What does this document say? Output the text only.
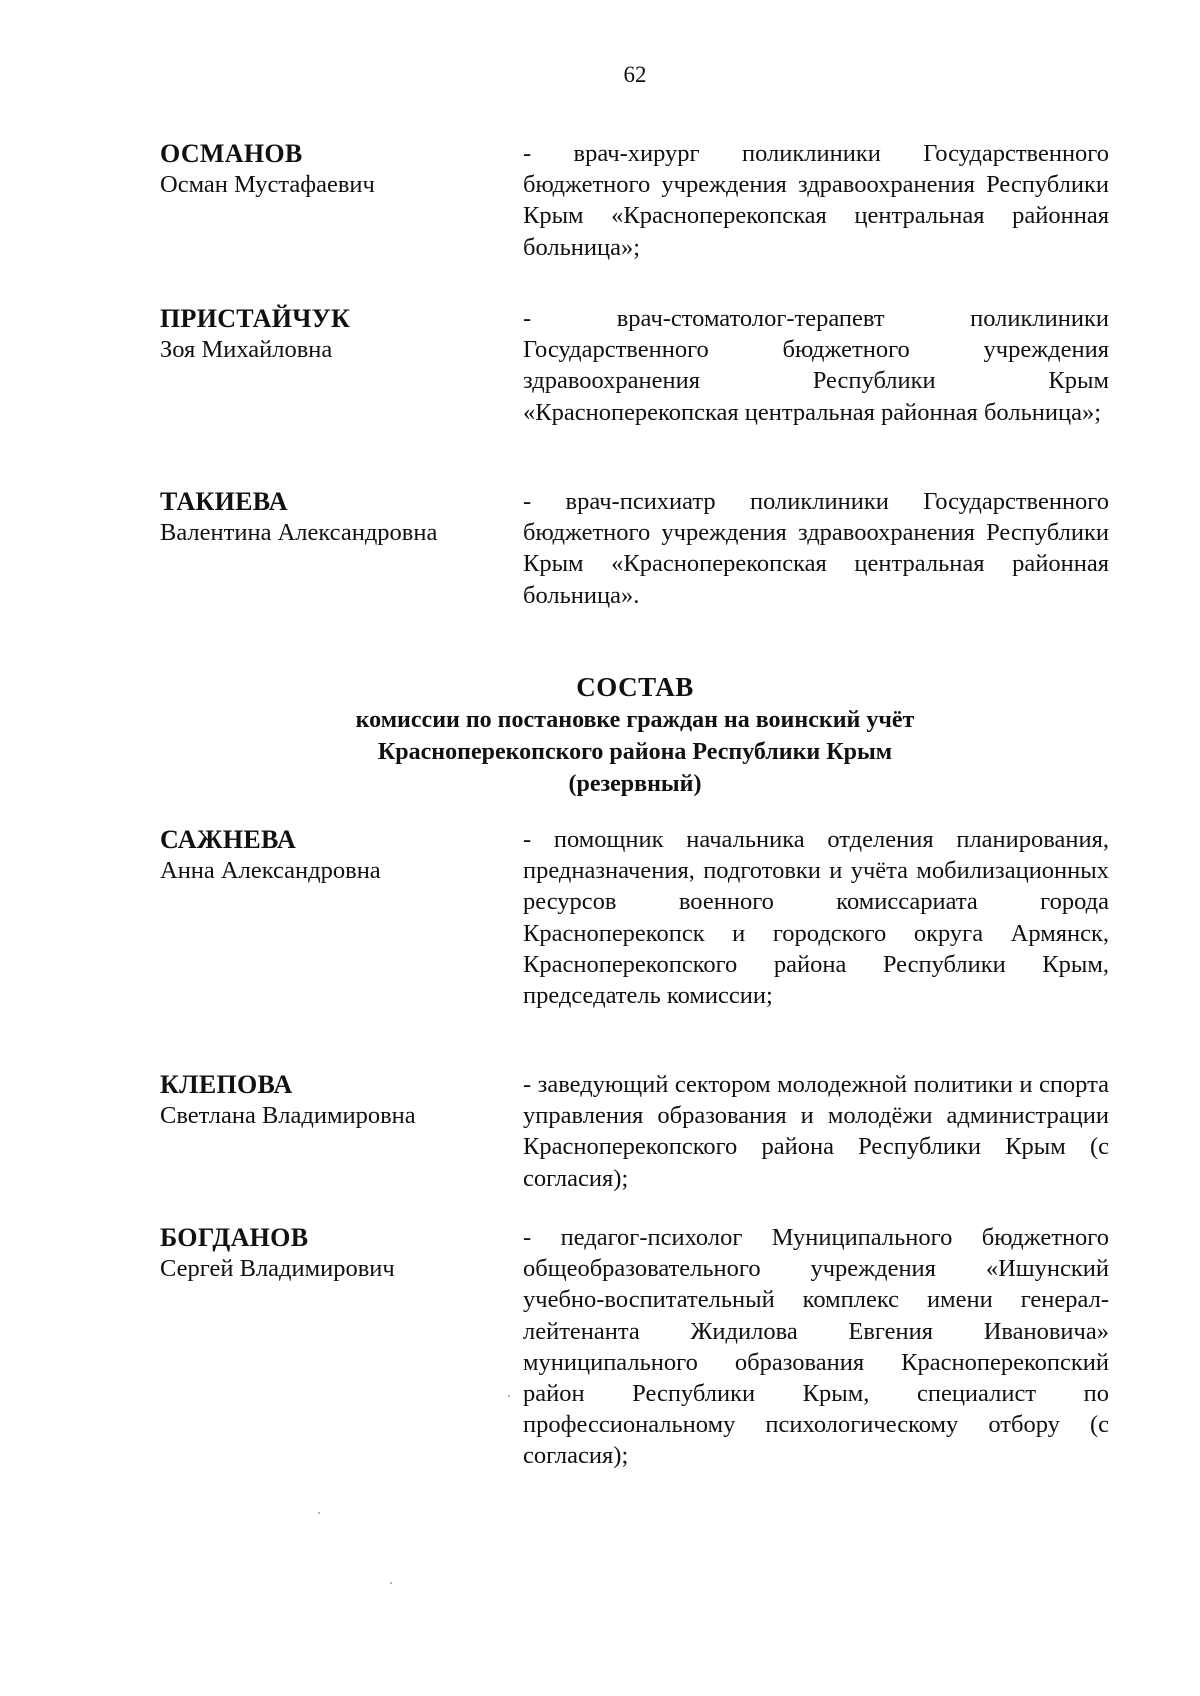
62
ОСМАНОВ
Осман Мустафаевич
- врач-хирург поликлиники Государственного бюджетного учреждения здравоохранения Республики Крым «Красноперекопская центральная районная больница»;
ПРИСТАЙЧУК
Зоя Михайловна
- врач-стоматолог-терапевт поликлиники Государственного бюджетного учреждения здравоохранения Республики Крым «Красноперекопская центральная районная больница»;
ТАКИЕВА
Валентина Александровна
- врач-психиатр поликлиники Государственного бюджетного учреждения здравоохранения Республики Крым «Красноперекопская центральная районная больница».
СОСТАВ
комиссии по постановке граждан на воинский учёт
Красноперекопского района Республики Крым
(резервный)
САЖНЕВА
Анна Александровна
- помощник начальника отделения планирования, предназначения, подготовки и учёта мобилизационных ресурсов военного комиссариата города Красноперекопск и городского округа Армянск, Красноперекопского района Республики Крым, председатель комиссии;
КЛЕПОВА
Светлана Владимировна
- заведующий сектором молодежной политики и спорта управления образования и молодёжи администрации Красноперекопского района Республики Крым (с согласия);
БОГДАНОВ
Сергей Владимирович
- педагог-психолог Муниципального бюджетного общеобразовательного учреждения «Ишунский учебно-воспитательный комплекс имени генерал-лейтенанта Жидилова Евгения Ивановича» муниципального образования Красноперекопский район Республики Крым, специалист по профессиональному психологическому отбору (с согласия);
